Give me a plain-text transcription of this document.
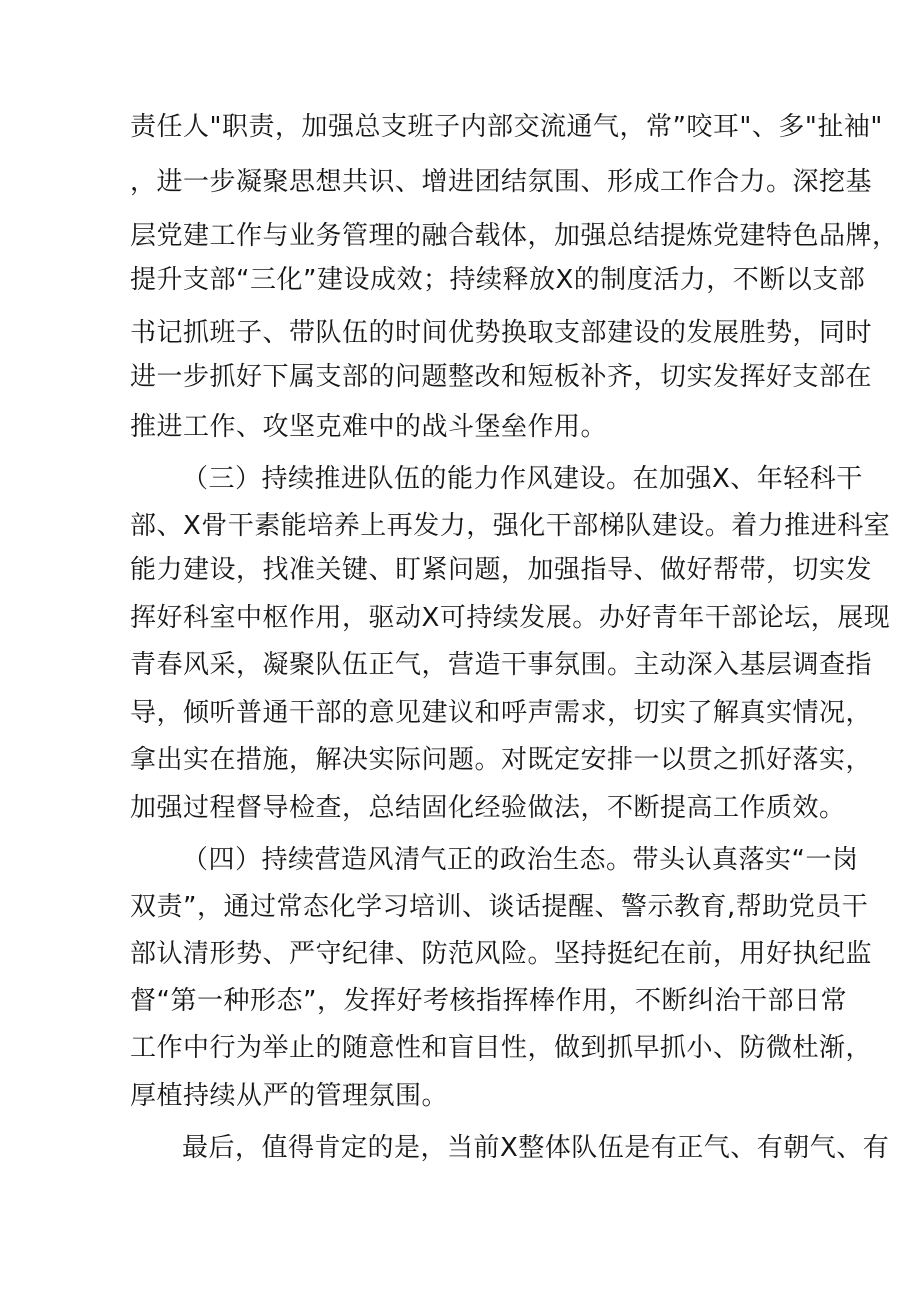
责任人"职责，加强总支班子内部交流通气，常”咬耳"、多"扯袖"
，进一步凝聚思想共识、增进团结氛围、形成工作合力。深挖基
层党建工作与业务管理的融合载体，加强总结提炼党建特色品牌，
提升支部“三化”建设成效；持续释放X的制度活力，不断以支部
书记抓班子、带队伍的时间优势换取支部建设的发展胜势，同时
进一步抓好下属支部的问题整改和短板补齐，切实发挥好支部在
推进工作、攻坚克难中的战斗堡垒作用。
（三）持续推进队伍的能力作风建设。在加强X、年轻科干
部、X骨干素能培养上再发力，强化干部梯队建设。着力推进科室
能力建设，找准关键、盯紧问题，加强指导、做好帮带，切实发
挥好科室中枢作用，驱动X可持续发展。办好青年干部论坛，展现
青春风采，凝聚队伍正气，营造干事氛围。主动深入基层调查指
导，倾听普通干部的意见建议和呼声需求，切实了解真实情况，
拿出实在措施，解决实际问题。对既定安排一以贯之抓好落实，
加强过程督导检查，总结固化经验做法，不断提高工作质效。
（四）持续营造风清气正的政治生态。带头认真落实“一岗
双责”，通过常态化学习培训、谈话提醒、警示教育,帮助党员干
部认清形势、严守纪律、防范风险。坚持挺纪在前，用好执纪监
督“第一种形态”，发挥好考核指挥棒作用，不断纠治干部日常
工作中行为举止的随意性和盲目性，做到抓早抓小、防微杜渐，
厚植持续从严的管理氛围。
最后，值得肯定的是，当前X整体队伍是有正气、有朝气、有
